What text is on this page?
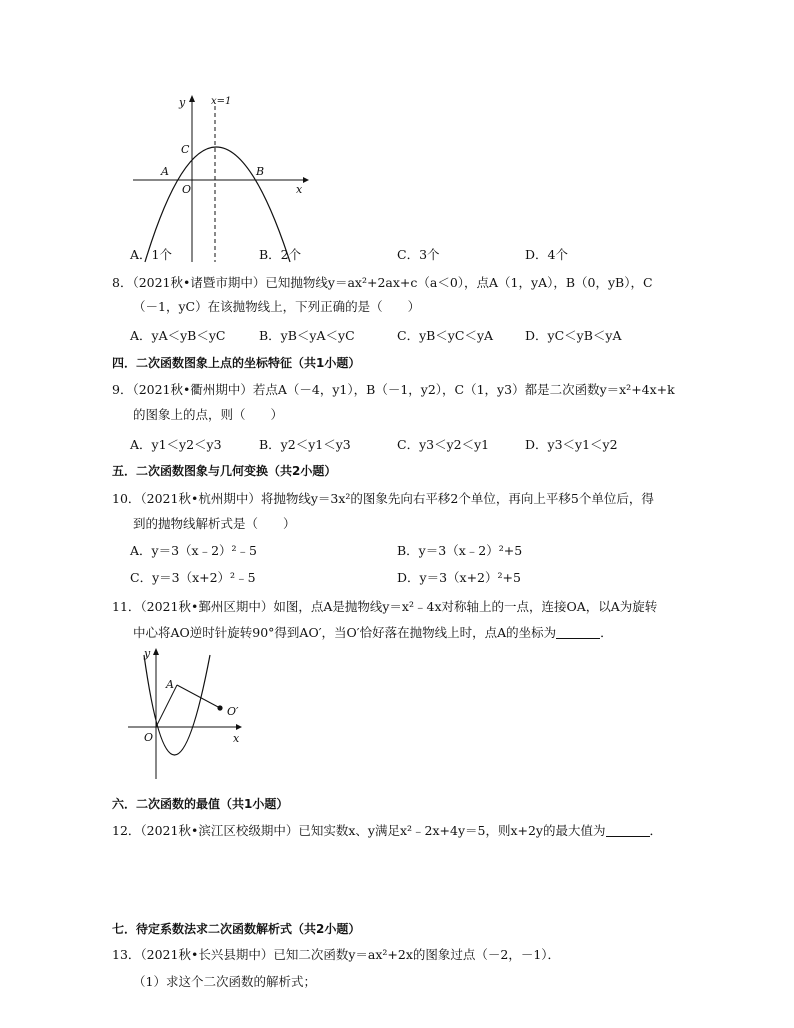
y	x=1
C
A
O
B
x
A．1个	B．2个	C．3个	D．4个
8．（2021秋•诸暨市期中）已知抛物线y＝ax²+2ax+c（a＜0），点A（1，yA），B（0，yB），C
（－1，yC）在该抛物线上，下列正确的是（　　）
A．yA＜yB＜yC	B．yB＜yA＜yC	C．yB＜yC＜yA	D．yC＜yB＜yA
四．二次函数图象上点的坐标特征（共1小题）
9．（2021秋•衢州期中）若点A（－4，y1），B（－1，y2），C（1，y3）都是二次函数y＝x²+4x+k
的图象上的点，则（　　）
A．y1＜y2＜y3	B．y2＜y1＜y3	C．y3＜y2＜y1	D．y3＜y1＜y2
五．二次函数图象与几何变换（共2小题）
10．（2021秋•杭州期中）将抛物线y＝3x²的图象先向右平移2个单位，再向上平移5个单位后，得
到的抛物线解析式是（　　）
A．y＝3（x﹣2）²﹣5	B．y＝3（x﹣2）²+5
C．y＝3（x+2）²﹣5	D．y＝3（x+2）²+5
11．（2021秋•鄞州区期中）如图，点A是抛物线y＝x²﹣4x对称轴上的一点，连接OA，以A为旋转
中心将AO逆时针旋转90°得到AO′，当O′恰好落在抛物线上时，点A的坐标为	．
y
A
O′
O	x
六．二次函数的最值（共1小题）
12．（2021秋•滨江区校级期中）已知实数x、y满足x²﹣2x+4y＝5，则x+2y的最大值为	．
七．待定系数法求二次函数解析式（共2小题）
13．（2021秋•长兴县期中）已知二次函数y＝ax²+2x的图象过点（－2，－1）．
（1）求这个二次函数的解析式；
